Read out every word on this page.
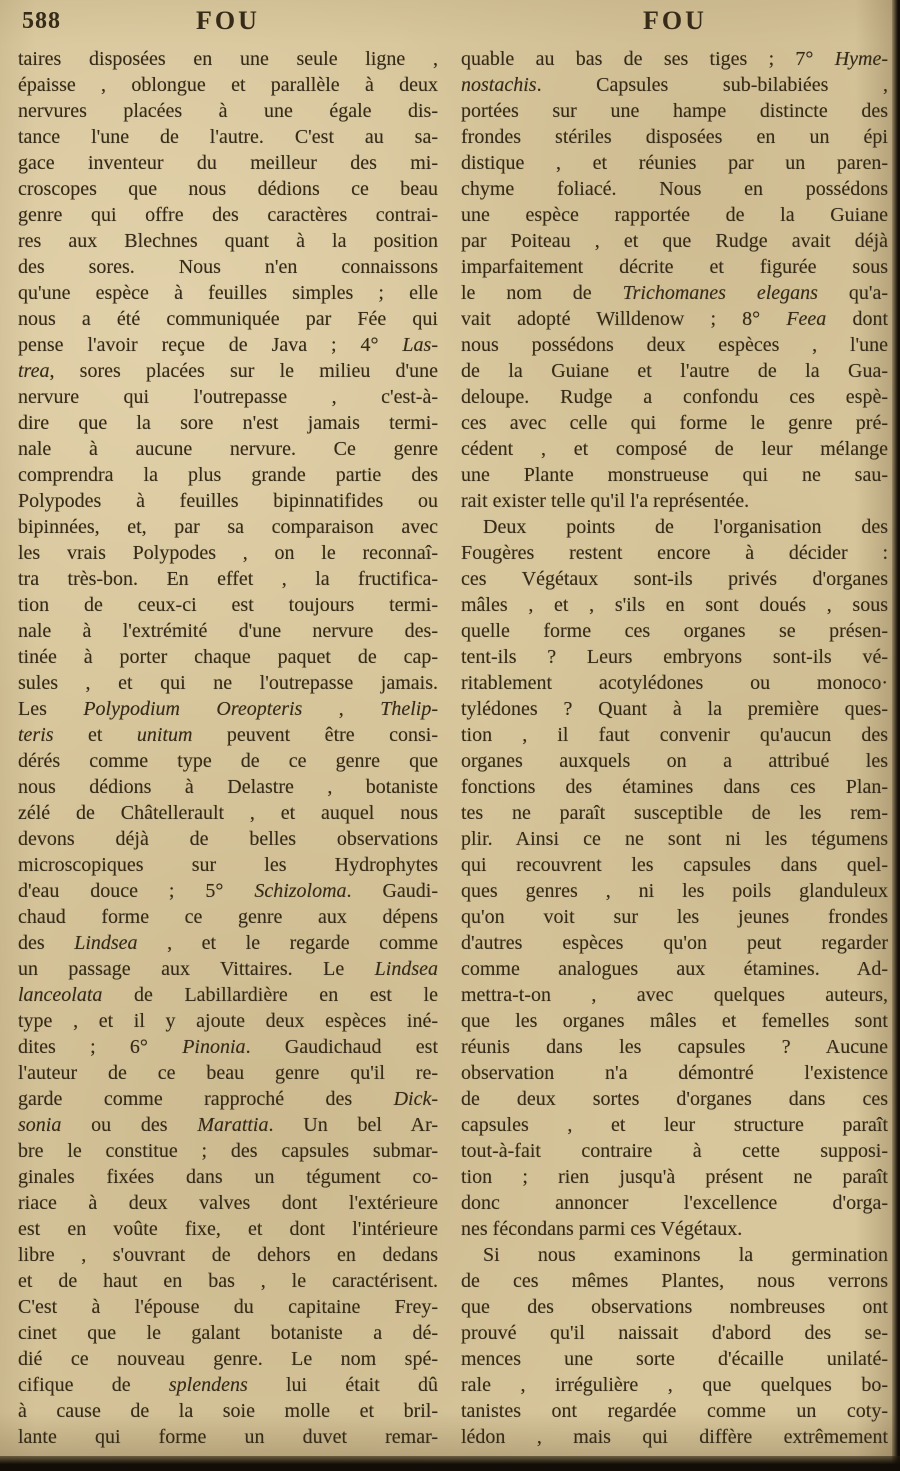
588	FOU	FOU
taires disposées en une seule ligne ,
épaisse , oblongue et parallèle à deux
nervures placées à une égale dis-
tance l'une de l'autre. C'est au sa-
gace inventeur du meilleur des mi-
croscopes que nous dédions ce beau
genre qui offre des caractères contrai-
res aux Blechnes quant à la position
des sores. Nous n'en connaissons
qu'une espèce à feuilles simples ; elle
nous a été communiquée par Fée qui
pense l'avoir reçue de Java ; 4° Las-
trea, sores placées sur le milieu d'une
nervure qui l'outrepasse , c'est-à-
dire que la sore n'est jamais termi-
nale à aucune nervure. Ce genre
comprendra la plus grande partie des
Polypodes à feuilles bipinnatifides ou
bipinnées, et, par sa comparaison avec
les vrais Polypodes , on le reconnaî-
tra très-bon. En effet , la fructifica-
tion de ceux-ci est toujours termi-
nale à l'extrémité d'une nervure des-
tinée à porter chaque paquet de cap-
sules , et qui ne l'outrepasse jamais.
Les Polypodium Oreopteris , Thelip-
teris et unitum peuvent être consi-
dérés comme type de ce genre que
nous dédions à Delastre , botaniste
zélé de Châtellerault , et auquel nous
devons déjà de belles observations
microscopiques sur les Hydrophytes
d'eau douce ; 5° Schizoloma. Gaudi-
chaud forme ce genre aux dépens
des Lindsea , et le regarde comme
un passage aux Vittaires. Le Lindsea
lanceolata de Labillardière en est le
type , et il y ajoute deux espèces iné-
dites ; 6° Pinonia. Gaudichaud est
l'auteur de ce beau genre qu'il re-
garde comme rapproché des Dick-
sonia ou des Marattia. Un bel Ar-
bre le constitue ; des capsules submar-
ginales fixées dans un tégument co-
riace à deux valves dont l'extérieure
est en voûte fixe, et dont l'intérieure
libre , s'ouvrant de dehors en dedans
et de haut en bas , le caractérisent.
C'est à l'épouse du capitaine Frey-
cinet que le galant botaniste a dé-
dié ce nouveau genre. Le nom spé-
cifique de splendens lui était dû
à cause de la soie molle et bril-
lante qui forme un duvet remar-
quable au bas de ses tiges ; 7° Hyme-
nostachis. Capsules sub-bilabiées ,
portées sur une hampe distincte des
frondes stériles disposées en un épi
distique , et réunies par un paren-
chyme foliacé. Nous en possédons
une espèce rapportée de la Guiane
par Poiteau , et que Rudge avait déjà
imparfaitement décrite et figurée sous
le nom de Trichomanes elegans qu'a-
vait adopté Willdenow ; 8° Feea dont
nous possédons deux espèces , l'une
de la Guiane et l'autre de la Gua-
deloupe. Rudge a confondu ces espè-
ces avec celle qui forme le genre pré-
cédent , et composé de leur mélange
une Plante monstrueuse qui ne sau-
rait exister telle qu'il l'a représentée.
Deux points de l'organisation des
Fougères restent encore à décider :
ces Végétaux sont-ils privés d'organes
mâles , et , s'ils en sont doués , sous
quelle forme ces organes se présen-
tent-ils ? Leurs embryons sont-ils vé-
ritablement acotylédones ou monoco·
tylédones ? Quant à la première ques-
tion , il faut convenir qu'aucun des
organes auxquels on a attribué les
fonctions des étamines dans ces Plan-
tes ne paraît susceptible de les rem-
plir. Ainsi ce ne sont ni les tégumens
qui recouvrent les capsules dans quel-
ques genres , ni les poils glanduleux
qu'on voit sur les jeunes frondes
d'autres espèces qu'on peut regarder
comme analogues aux étamines. Ad-
mettra-t-on , avec quelques auteurs,
que les organes mâles et femelles sont
réunis dans les capsules ? Aucune
observation n'a démontré l'existence
de deux sortes d'organes dans ces
capsules , et leur structure paraît
tout-à-fait contraire à cette supposi-
tion ; rien jusqu'à présent ne paraît
donc annoncer l'excellence d'orga-
nes fécondans parmi ces Végétaux.
Si nous examinons la germination
de ces mêmes Plantes, nous verrons
que des observations nombreuses ont
prouvé qu'il naissait d'abord des se-
mences une sorte d'écaille unilaté-
rale , irrégulière , que quelques bo-
tanistes ont regardée comme un coty-
lédon , mais qui diffère extrêmement
